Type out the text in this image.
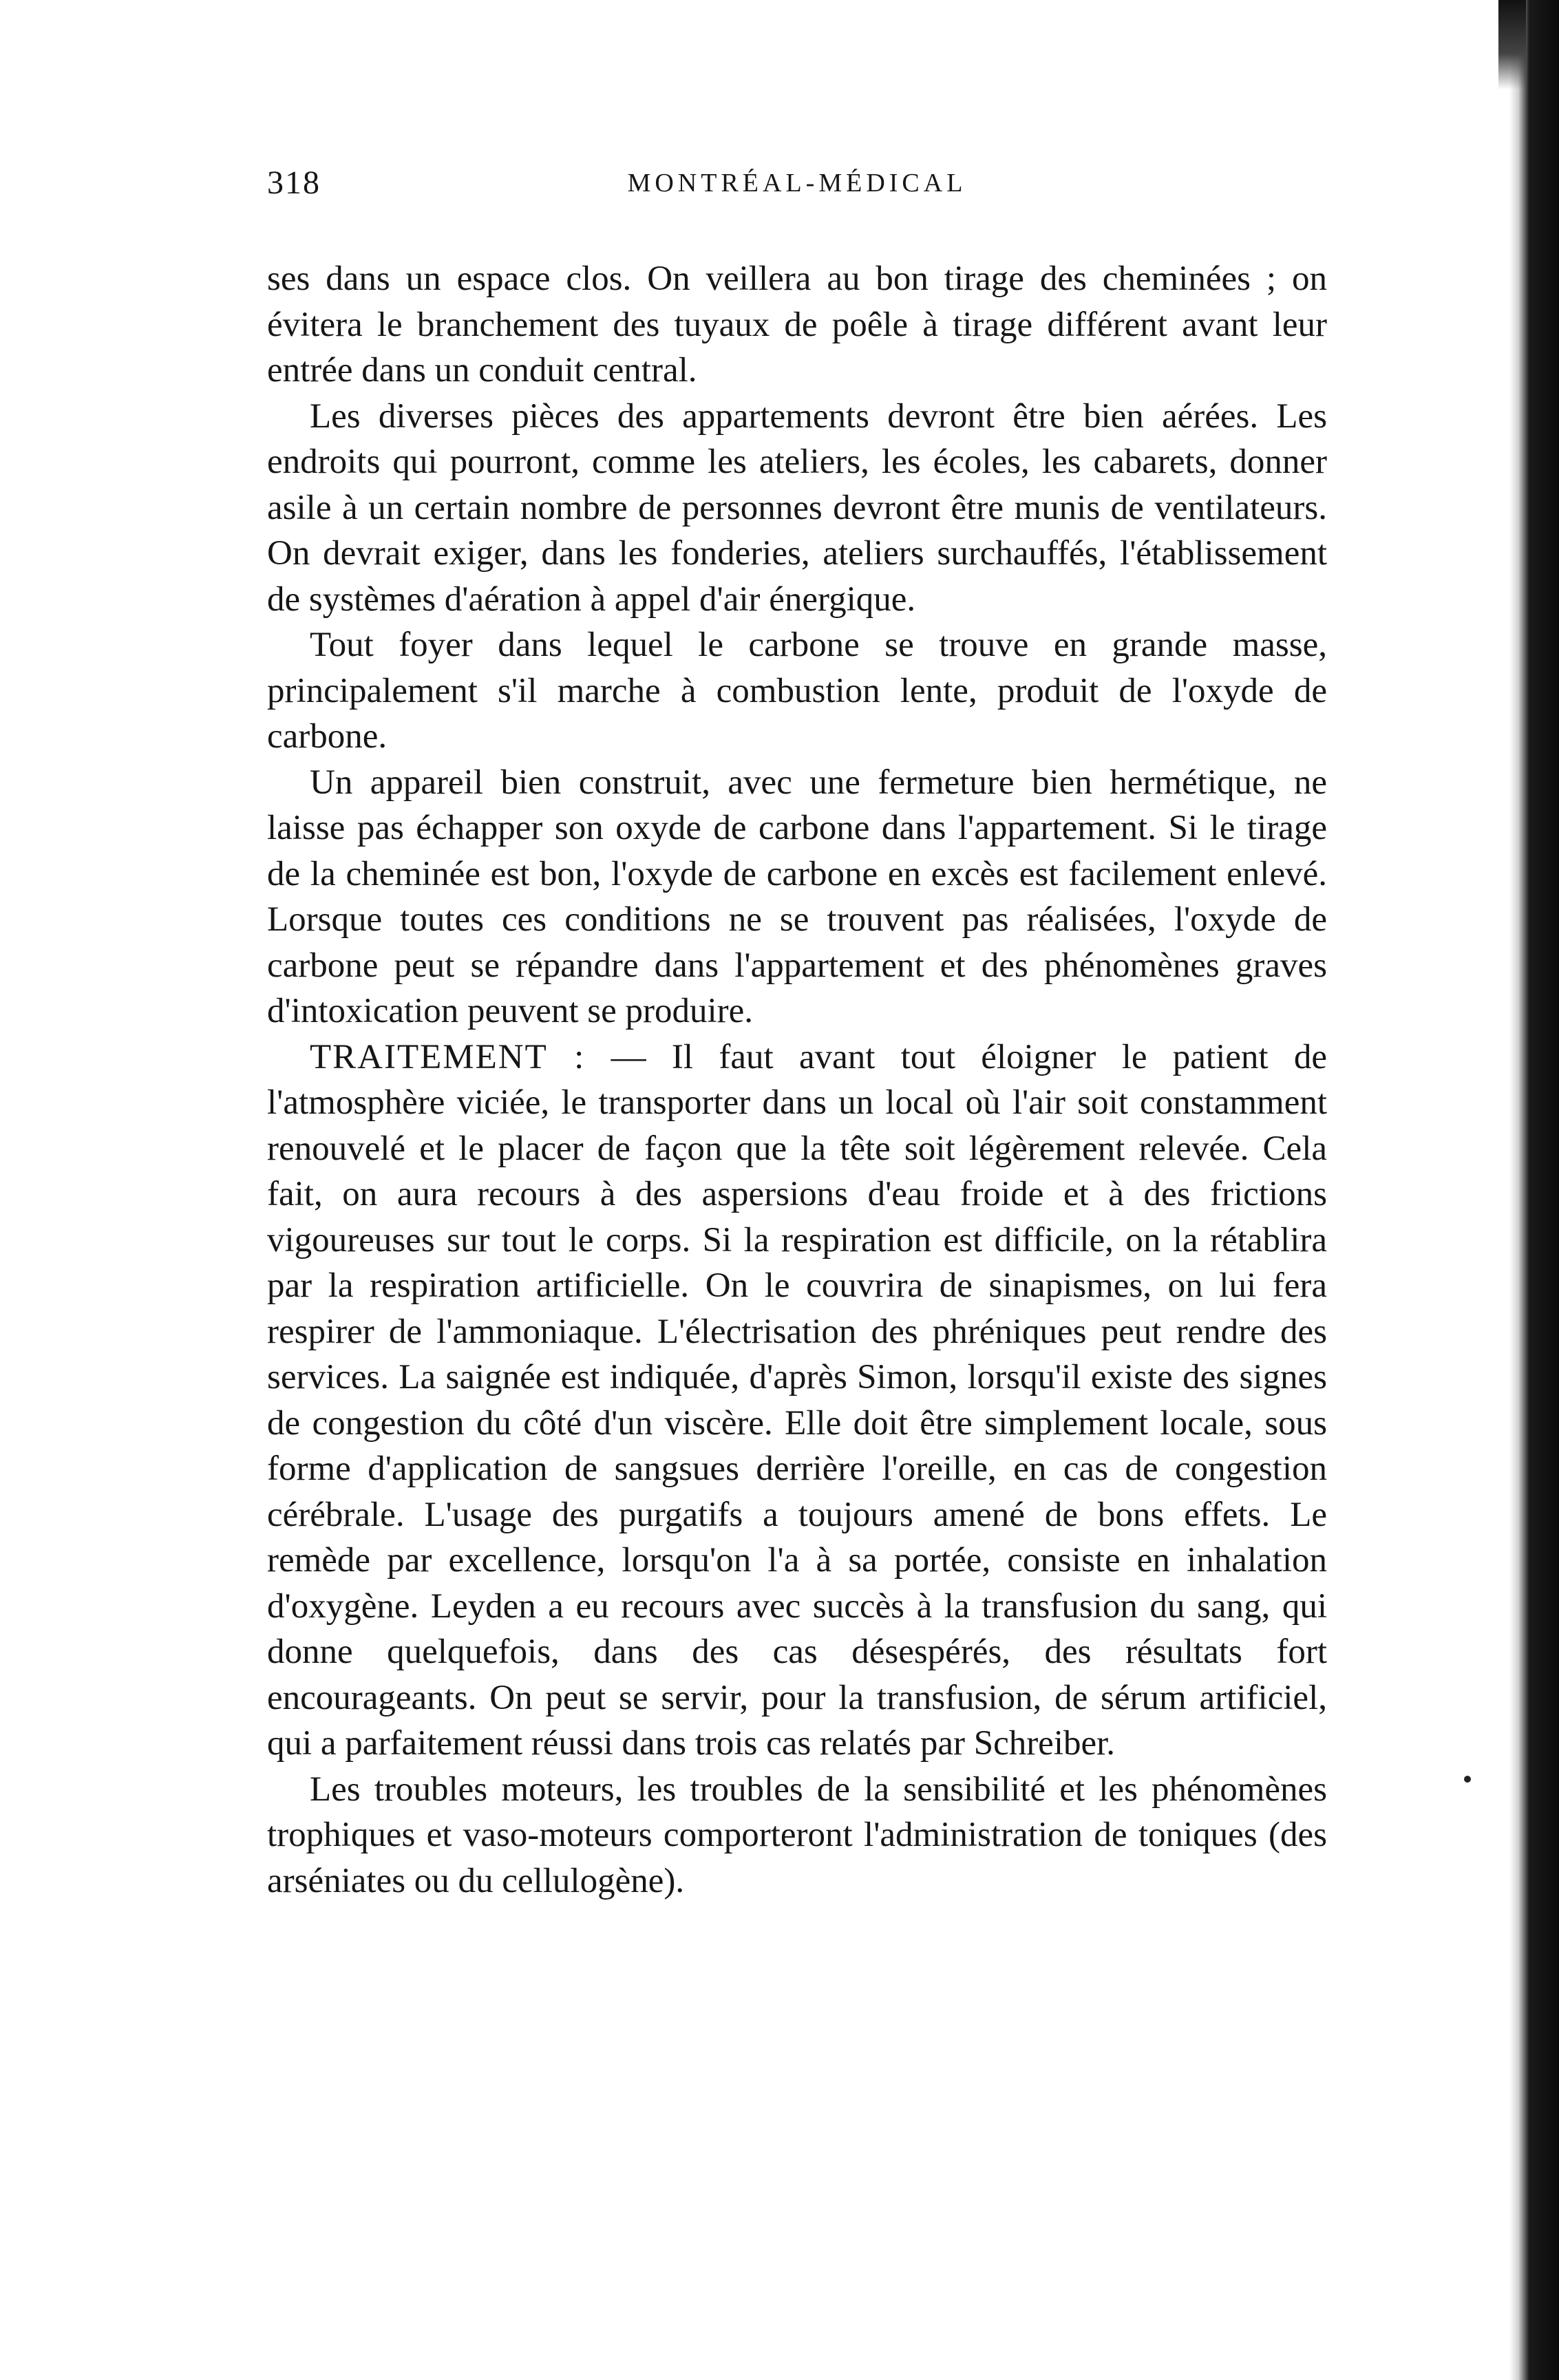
318	MONTRÉAL-MÉDICAL

ses dans un espace clos. On veillera au bon tirage des cheminées ; on évitera le branchement des tuyaux de poêle à tirage différent avant leur entrée dans un conduit central.

Les diverses pièces des appartements devront être bien aérées. Les endroits qui pourront, comme les ateliers, les écoles, les cabarets, donner asile à un certain nombre de personnes devront être munis de ventilateurs. On devrait exiger, dans les fonderies, ateliers surchauffés, l'établissement de systèmes d'aération à appel d'air énergique.

Tout foyer dans lequel le carbone se trouve en grande masse, principalement s'il marche à combustion lente, produit de l'oxyde de carbone.

Un appareil bien construit, avec une fermeture bien hermétique, ne laisse pas échapper son oxyde de carbone dans l'appartement. Si le tirage de la cheminée est bon, l'oxyde de carbone en excès est facilement enlevé. Lorsque toutes ces conditions ne se trouvent pas réalisées, l'oxyde de carbone peut se répandre dans l'appartement et des phénomènes graves d'intoxication peuvent se produire.

TRAITEMENT : — Il faut avant tout éloigner le patient de l'atmosphère viciée, le transporter dans un local où l'air soit constamment renouvelé et le placer de façon que la tête soit légèrement relevée. Cela fait, on aura recours à des aspersions d'eau froide et à des frictions vigoureuses sur tout le corps. Si la respiration est difficile, on la rétablira par la respiration artificielle. On le couvrira de sinapismes, on lui fera respirer de l'ammoniaque. L'électrisation des phréniques peut rendre des services. La saignée est indiquée, d'après Simon, lorsqu'il existe des signes de congestion du côté d'un viscère. Elle doit être simplement locale, sous forme d'application de sangsues derrière l'oreille, en cas de congestion cérébrale. L'usage des purgatifs a toujours amené de bons effets. Le remède par excellence, lorsqu'on l'a à sa portée, consiste en inhalation d'oxygène. Leyden a eu recours avec succès à la transfusion du sang, qui donne quelquefois, dans des cas désespérés, des résultats fort encourageants. On peut se servir, pour la transfusion, de sérum artificiel, qui a parfaitement réussi dans trois cas relatés par Schreiber.

Les troubles moteurs, les troubles de la sensibilité et les phénomènes trophiques et vaso-moteurs comporteront l'administration de toniques (des arséniates ou du cellulogène).
